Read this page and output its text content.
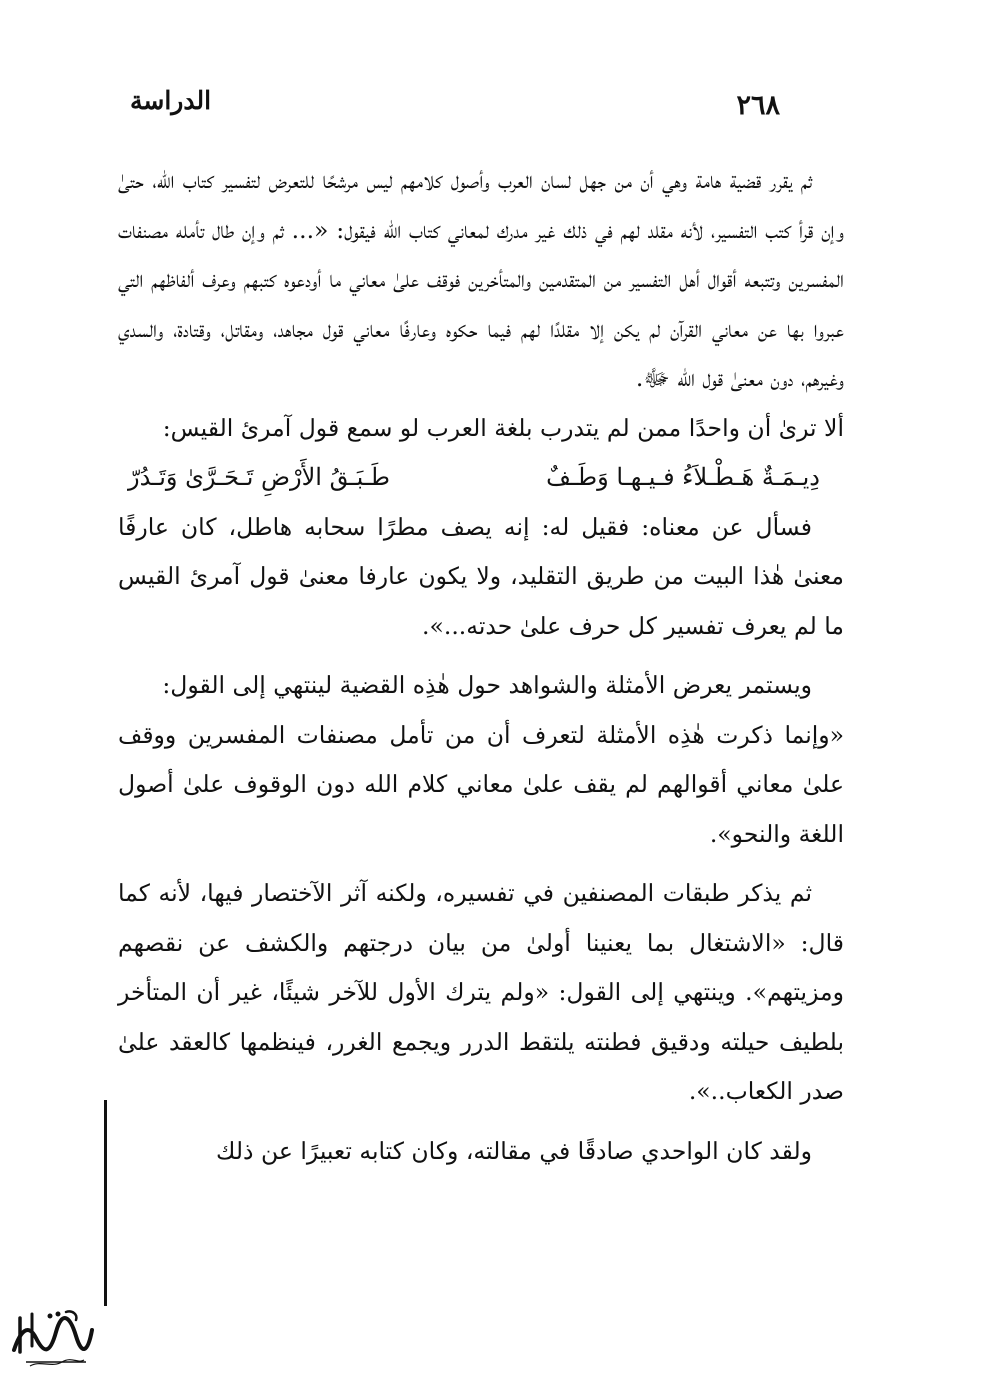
الدراسة	٢٦٨

ثم يقرر قضية هامة وهي أن من جهل لسان العرب وأصول كلامهم ليس مرشحًا للتعرض لتفسير كتاب الله، حتىٰ وإن قرأ كتب التفسير، لأنه مقلد لهم في ذلك غير مدرك لمعاني كتاب الله فيقول: «... ثم وإن طال تأمله مصنفات المفسرين وتتبعه أقوال أهل التفسير من المتقدمين والمتأخرين فوقف علىٰ معاني ما أودعوه كتبهم وعرف ألفاظهم التي عبروا بها عن معاني القرآن لم يكن إلا مقلدًا لهم فيما حكوه وعارفًا معاني قول مجاهد، ومقاتل، وقتادة، والسدي وغيرهم، دون معنىٰ قول الله ﷻ.

ألا ترىٰ أن واحدًا ممن لم يتدرب بلغة العرب لو سمع قول آمرئ القيس:

دِيـمَـةٌ هَـطْـلاَءُ فـيـهـا وَطَـفٌ
طَـبَـقُ الأَرْضِ تَـحَـرَّىٰ وَتَـدُرّ

فسأل عن معناه: فقيل له: إنه يصف مطرًا سحابه هاطل، كان عارفًا معنىٰ هٰذا البيت من طريق التقليد، ولا يكون عارفا معنىٰ قول آمرئ القيس ما لم يعرف تفسير كل حرف علىٰ حدته...».

ويستمر يعرض الأمثلة والشواهد حول هٰذِه القضية لينتهي إلى القول:

«وإنما ذكرت هٰذِه الأمثلة لتعرف أن من تأمل مصنفات المفسرين ووقف علىٰ معاني أقوالهم لم يقف علىٰ معاني كلام الله دون الوقوف علىٰ أصول اللغة والنحو».

ثم يذكر طبقات المصنفين في تفسيره، ولكنه آثر الآختصار فيها، لأنه كما قال: «الاشتغال بما يعنينا أولىٰ من بيان درجتهم والكشف عن نقصهم ومزيتهم». وينتهي إلى القول: «ولم يترك الأول للآخر شيئًا، غير أن المتأخر بلطيف حيلته ودقيق فطنته يلتقط الدرر ويجمع الغرر، فينظمها كالعقد علىٰ صدر الكعاب..».

ولقد كان الواحدي صادقًا في مقالته، وكان كتابه تعبيرًا عن ذلك
